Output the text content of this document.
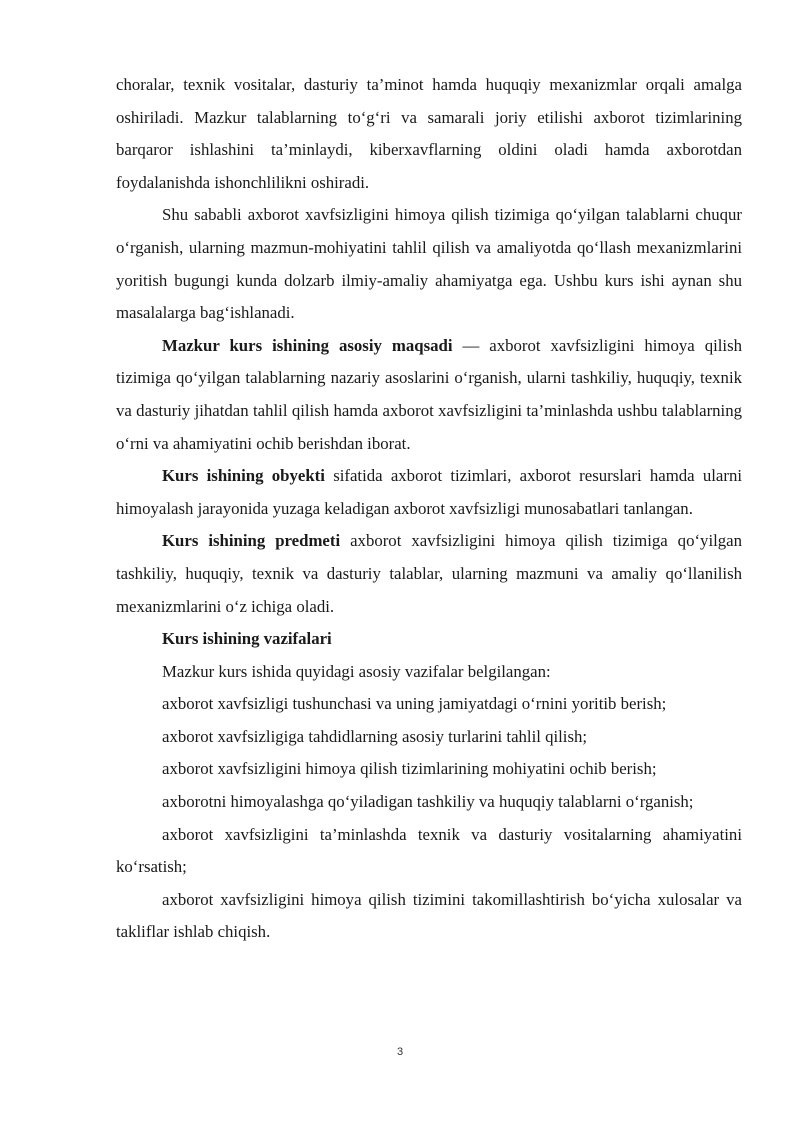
choralar, texnik vositalar, dasturiy ta’minot hamda huquqiy mexanizmlar orqali amalga oshiriladi. Mazkur talablarning to‘g‘ri va samarali joriy etilishi axborot tizimlarining barqaror ishlashini ta’minlaydi, kiberxavflarning oldini oladi hamda axborotdan foydalanishda ishonchlilikni oshiradi.

Shu sababli axborot xavfsizligini himoya qilish tizimiga qo‘yilgan talablarni chuqur o‘rganish, ularning mazmun-mohiyatini tahlil qilish va amaliyotda qo‘llash mexanizmlarini yoritish bugungi kunda dolzarb ilmiy-amaliy ahamiyatga ega. Ushbu kurs ishi aynan shu masalalarga bag‘ishlanadi.

Mazkur kurs ishining asosiy maqsadi — axborot xavfsizligini himoya qilish tizimiga qo‘yilgan talablarning nazariy asoslarini o‘rganish, ularni tashkiliy, huquqiy, texnik va dasturiy jihatdan tahlil qilish hamda axborot xavfsizligini ta’minlashda ushbu talablarning o‘rni va ahamiyatini ochib berishdan iborat.

Kurs ishining obyekti sifatida axborot tizimlari, axborot resurslari hamda ularni himoyalash jarayonida yuzaga keladigan axborot xavfsizligi munosabatlari tanlangan.

Kurs ishining predmeti axborot xavfsizligini himoya qilish tizimiga qo‘yilgan tashkiliy, huquqiy, texnik va dasturiy talablar, ularning mazmuni va amaliy qo‘llanilish mexanizmlarini o‘z ichiga oladi.

Kurs ishining vazifalari

Mazkur kurs ishida quyidagi asosiy vazifalar belgilangan:

axborot xavfsizligi tushunchasi va uning jamiyatdagi o‘rnini yoritib berish;

axborot xavfsizligiga tahdidlarning asosiy turlarini tahlil qilish;

axborot xavfsizligini himoya qilish tizimlarining mohiyatini ochib berish;

axborotni himoyalashga qo‘yiladigan tashkiliy va huquqiy talablarni o‘rganish;

axborot xavfsizligini ta’minlashda texnik va dasturiy vositalarning ahamiyatini ko‘rsatish;

axborot xavfsizligini himoya qilish tizimini takomillashtirish bo‘yicha xulosalar va takliflar ishlab chiqish.

3
